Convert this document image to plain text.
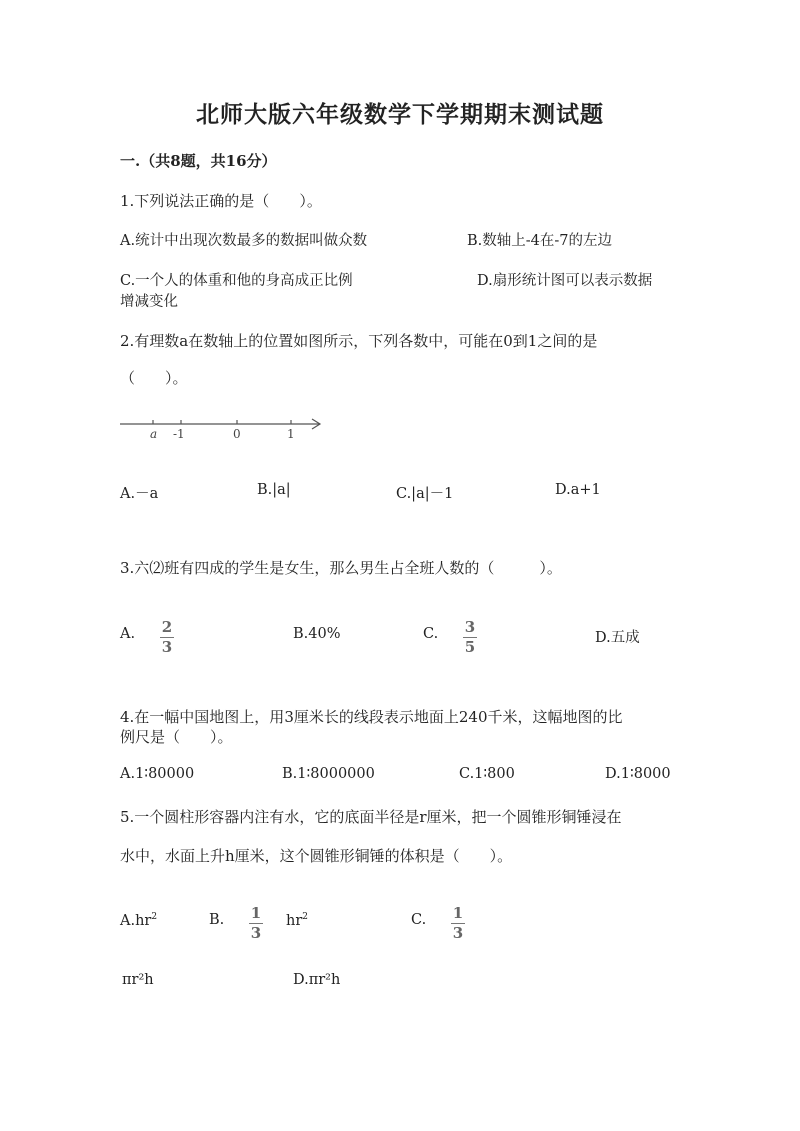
北师大版六年级数学下学期期末测试题
一.（共8题，共16分）
1.下列说法正确的是（　　）。
A.统计中出现次数最多的数据叫做众数	B.数轴上-4在-7的左边
C.一个人的体重和他的身高成正比例	D.扇形统计图可以表示数据
增减变化
2.有理数a在数轴上的位置如图所示，下列各数中，可能在0到1之间的是
（　　）。
a -1	0	1
A.－a	B.|a|	C.|a|－1	D.a+1
3.六⑵班有四成的学生是女生，那么男生占全班人数的（　　　）。
A. 2
3
B.40%	C. 3
5	D.五成
4.在一幅中国地图上，用3厘米长的线段表示地面上240千米，这幅地图的比
例尺是（　　）。
A.1∶80000	B.1∶8000000	C.1∶800	D.1∶8000
5.一个圆柱形容器内注有水，它的底面半径是r厘米，把一个圆锥形铜锤浸在
水中，水面上升h厘米，这个圆锥形铜锤的体积是（　　）。
$A.hr^2$	B. 1
3
$hr^2$	C. 1
3
πr²h	D.πr²h
